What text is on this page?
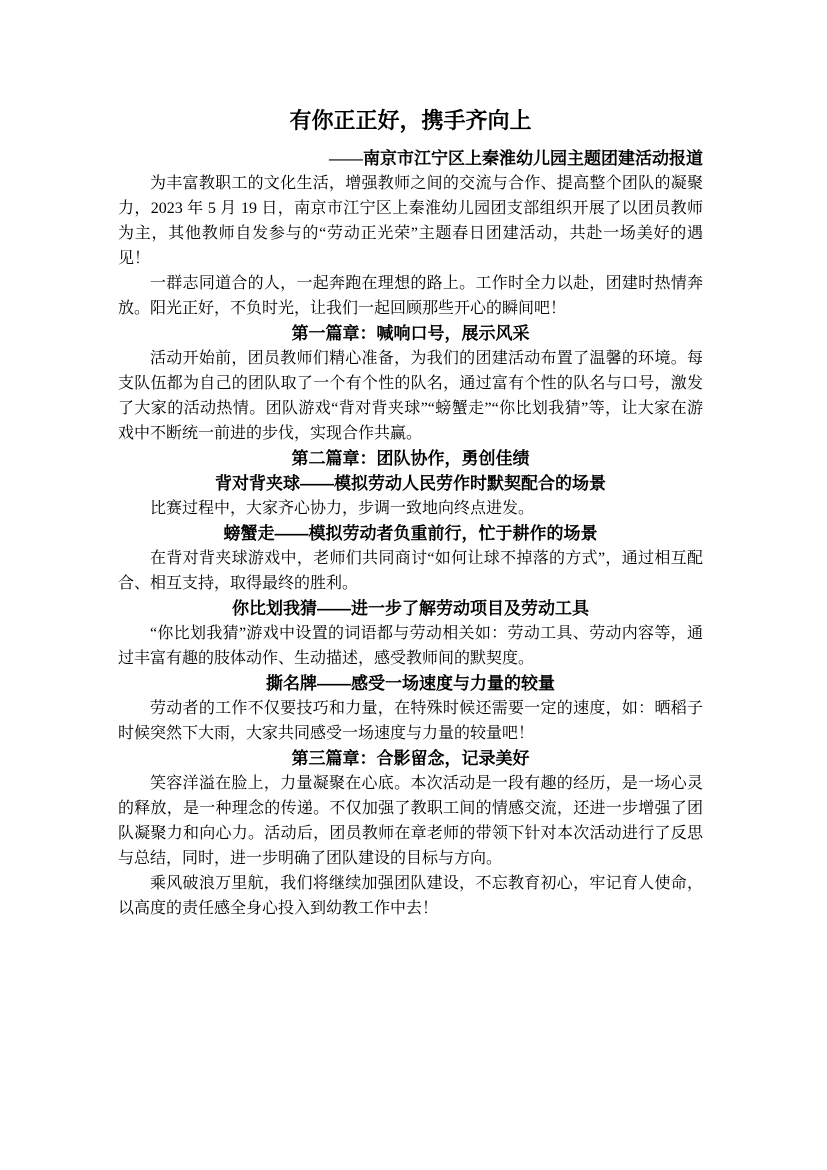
有你正正好，携手齐向上
——南京市江宁区上秦淮幼儿园主题团建活动报道
为丰富教职工的文化生活，增强教师之间的交流与合作、提高整个团队的凝聚力，2023 年 5 月 19 日，南京市江宁区上秦淮幼儿园团支部组织开展了以团员教师为主，其他教师自发参与的“劳动正光荣”主题春日团建活动，共赴一场美好的遇见！
一群志同道合的人，一起奔跑在理想的路上。工作时全力以赴，团建时热情奔放。阳光正好，不负时光，让我们一起回顾那些开心的瞬间吧！
第一篇章：喊响口号，展示风采
活动开始前，团员教师们精心准备，为我们的团建活动布置了温馨的环境。每支队伍都为自己的团队取了一个有个性的队名，通过富有个性的队名与口号，激发了大家的活动热情。团队游戏“背对背夹球”“螃蟹走”“你比划我猜”等，让大家在游戏中不断统一前进的步伐，实现合作共赢。
第二篇章：团队协作，勇创佳绩
背对背夹球——模拟劳动人民劳作时默契配合的场景
比赛过程中，大家齐心协力，步调一致地向终点进发。
螃蟹走——模拟劳动者负重前行，忙于耕作的场景
在背对背夹球游戏中，老师们共同商讨“如何让球不掉落的方式”，通过相互配合、相互支持，取得最终的胜利。
你比划我猜——进一步了解劳动项目及劳动工具
“你比划我猜”游戏中设置的词语都与劳动相关如：劳动工具、劳动内容等，通过丰富有趣的肢体动作、生动描述，感受教师间的默契度。
撕名牌——感受一场速度与力量的较量
劳动者的工作不仅要技巧和力量，在特殊时候还需要一定的速度，如：晒稻子时候突然下大雨，大家共同感受一场速度与力量的较量吧！
第三篇章：合影留念，记录美好
笑容洋溢在脸上，力量凝聚在心底。本次活动是一段有趣的经历，是一场心灵的释放，是一种理念的传递。不仅加强了教职工间的情感交流，还进一步增强了团队凝聚力和向心力。活动后，团员教师在章老师的带领下针对本次活动进行了反思与总结，同时，进一步明确了团队建设的目标与方向。
乘风破浪万里航，我们将继续加强团队建设，不忘教育初心，牢记育人使命，以高度的责任感全身心投入到幼教工作中去！
